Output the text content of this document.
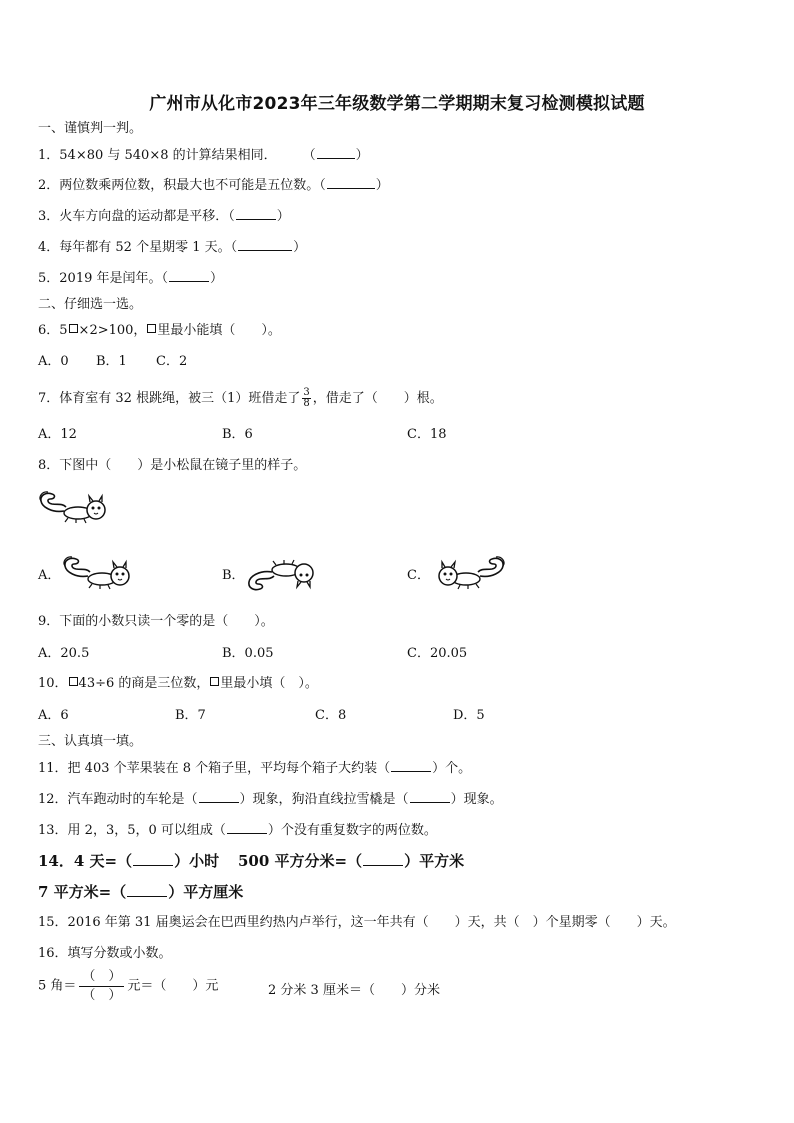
广州市从化市2023年三年级数学第二学期期末复习检测模拟试题
一、谨慎判一判。
1．54×80 与 540×8 的计算结果相同． （	）
2．两位数乘两位数，积最大也不可能是五位数。（	）
3．火车方向盘的运动都是平移．（	）
4．每年都有 52 个星期零 1 天。（	）
5．2019 年是闰年。（	）
二、仔细选一选。
6．5 ×2>100， 里最小能填（　　）。
A．0 B．1 C．2
7．体育室有 32 根跳绳，被三（1）班借走了 $\frac{3}{8}$ ，借走了（　　）根。
A．12	B．6	C．18
8．下图中（　　）是小松鼠在镜子里的样子。
A．	B．	C．
9．下面的小数只读一个零的是（　　）。
A．20.5	B．0.05	C．20.05
10． 43÷6 的商是三位数， 里最小填（　）。
A．6	B．7	C．8	D．5
三、认真填一填。
11．把 403 个苹果装在 8 个箱子里，平均每个箱子大约装（	）个。
12．汽车跑动时的车轮是（	）现象，狗沿直线拉雪橇是（	）现象。
13．用 2，3，5，0 可以组成（	）个没有重复数字的两位数。
14．4 天=（	）小时 500 平方分米=（	）平方米
7 平方米=（	）平方厘米
15．2016 年第 31 届奥运会在巴西里约热内卢举行，这一年共有（　　）天，共（　）个星期零（　　）天。
16．填写分数或小数。
5 角＝ $\frac{( )}{( )}$ 元＝（　　）元	2 分米 3 厘米＝（　　）分米
